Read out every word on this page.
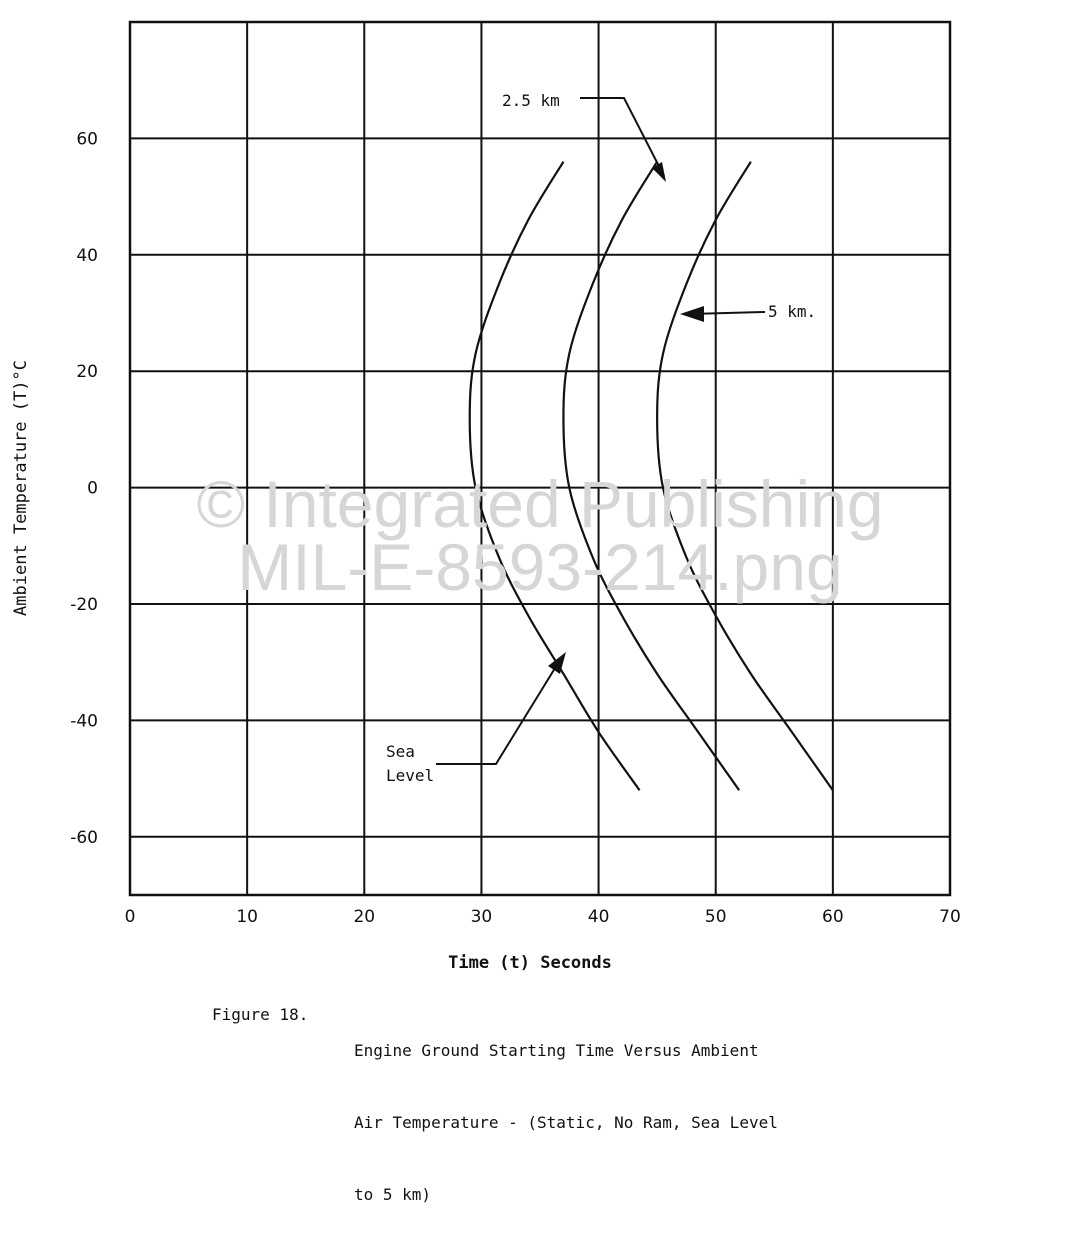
0	10	20	30	40	50	60	70
60
40
20
0
-20
-40
-60
Time (t) Seconds
Ambient Temperature (T)°C
2.5 km
5 km.
Sea
Level
© Integrated Publishing
MIL-E-8593-214.png
Figure 18.

Engine Ground Starting Time Versus Ambient

Air Temperature - (Static, No Ram, Sea Level

to 5 km)
